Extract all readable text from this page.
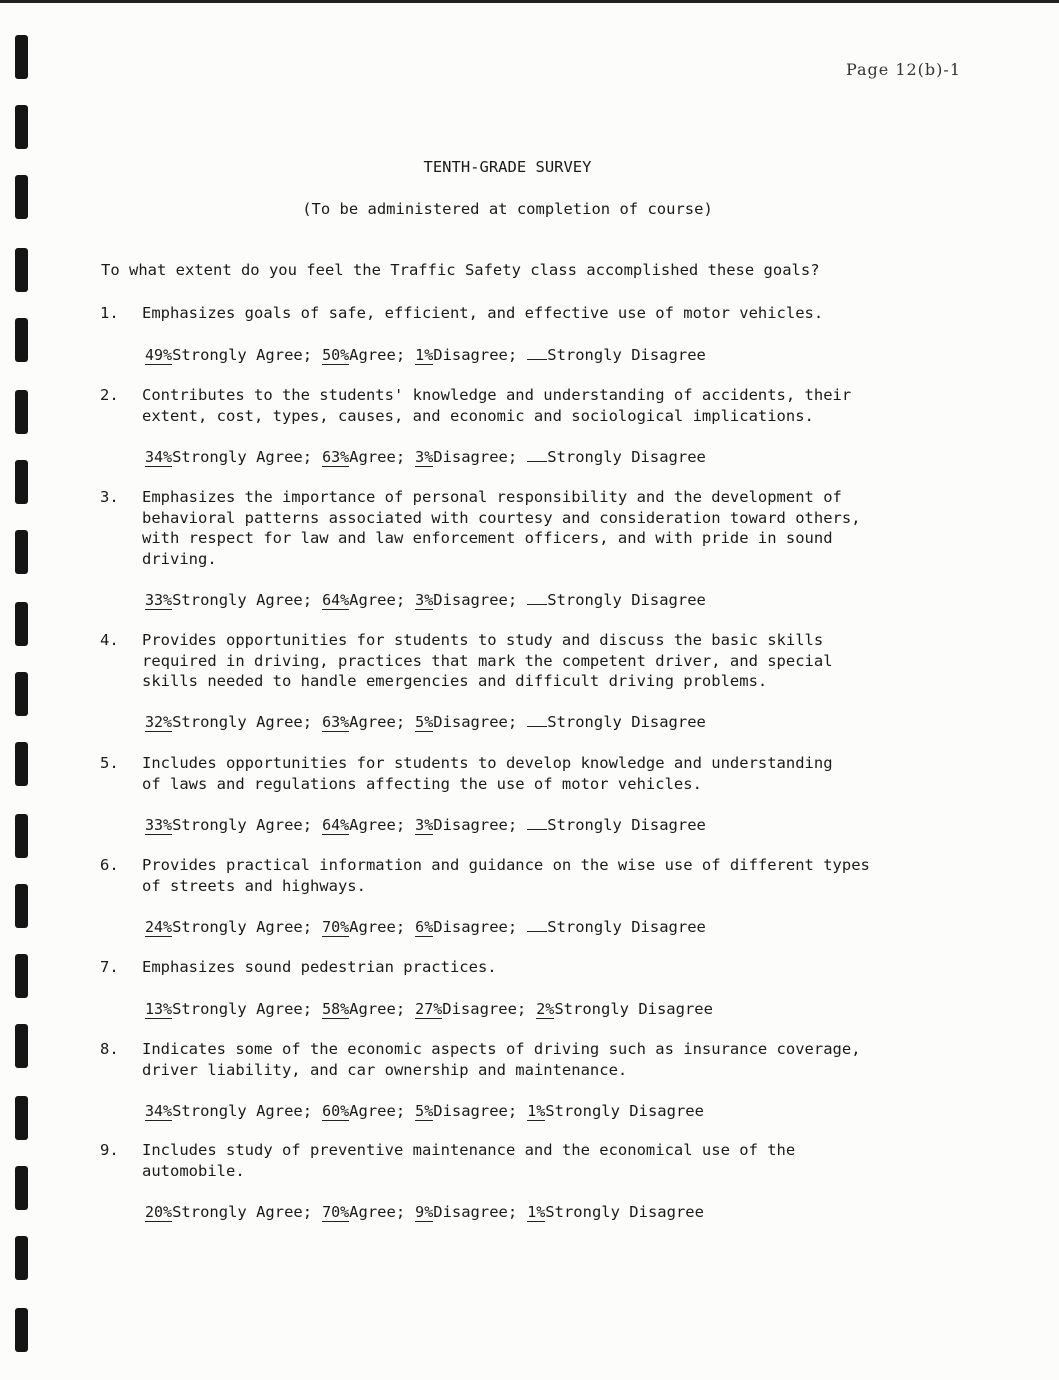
Page 12(b)-1
TENTH-GRADE SURVEY
(To be administered at completion of course)
To what extent do you feel the Traffic Safety class accomplished these goals?
1.	Emphasizes goals of safe, efficient, and effective use of motor vehicles.
49%Strongly Agree; 50%Agree; 1%Disagree; Strongly Disagree
2.	Contributes to the students' knowledge and understanding of accidents, their
extent, cost, types, causes, and economic and sociological implications.
34%Strongly Agree; 63%Agree; 3%Disagree; Strongly Disagree
3.	Emphasizes the importance of personal responsibility and the development of
behavioral patterns associated with courtesy and consideration toward others,
with respect for law and law enforcement officers, and with pride in sound
driving.
33%Strongly Agree; 64%Agree; 3%Disagree; Strongly Disagree
4.	Provides opportunities for students to study and discuss the basic skills
required in driving, practices that mark the competent driver, and special
skills needed to handle emergencies and difficult driving problems.
32%Strongly Agree; 63%Agree; 5%Disagree; Strongly Disagree
5.	Includes opportunities for students to develop knowledge and understanding
of laws and regulations affecting the use of motor vehicles.
33%Strongly Agree; 64%Agree; 3%Disagree; Strongly Disagree
6.	Provides practical information and guidance on the wise use of different types
of streets and highways.
24%Strongly Agree; 70%Agree; 6%Disagree; Strongly Disagree
7.	Emphasizes sound pedestrian practices.
13%Strongly Agree; 58%Agree; 27%Disagree; 2%Strongly Disagree
8.	Indicates some of the economic aspects of driving such as insurance coverage,
driver liability, and car ownership and maintenance.
34%Strongly Agree; 60%Agree; 5%Disagree; 1%Strongly Disagree
9.	Includes study of preventive maintenance and the economical use of the
automobile.
20%Strongly Agree; 70%Agree; 9%Disagree; 1%Strongly Disagree
